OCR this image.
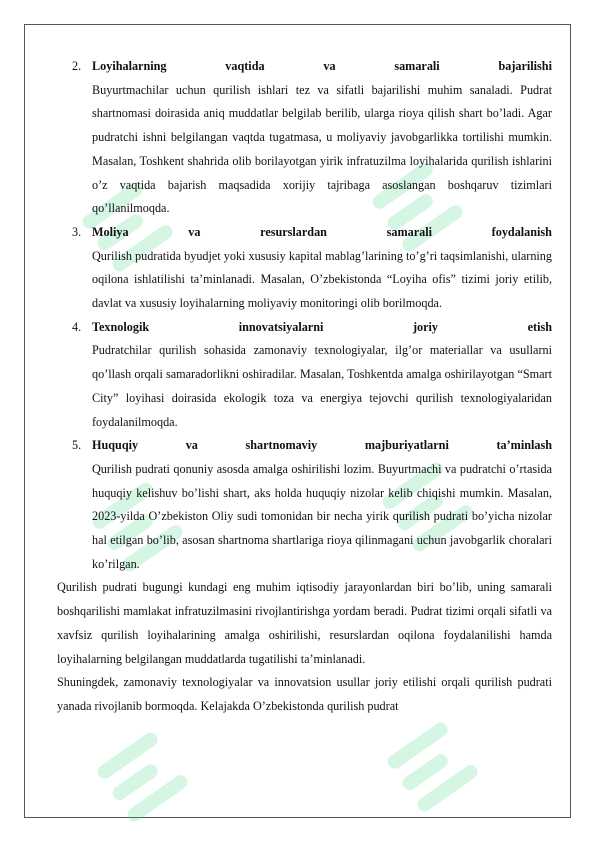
2. Loyihalarning	vaqtida	va	samarali	bajarilishi
Buyurtmachilar uchun qurilish ishlari tez va sifatli bajarilishi muhim sanaladi. Pudrat shartnomasi doirasida aniq muddatlar belgilab berilib, ularga rioya qilish shart bo’ladi. Agar pudratchi ishni belgilangan vaqtda tugatmasa, u moliyaviy javobgarlikka tortilishi mumkin. Masalan, Toshkent shahrida olib borilayotgan yirik infratuzilma loyihalarida qurilish ishlarini o’z vaqtida bajarish maqsadida xorijiy tajribaga asoslangan boshqaruv tizimlari qo’llanilmoqda.
3. Moliya	va	resurslardan	samarali	foydalanish
Qurilish pudratida byudjet yoki xususiy kapital mablag’larining to’g’ri taqsimlanishi, ularning oqilona ishlatilishi ta’minlanadi. Masalan, O’zbekistonda “Loyiha ofis” tizimi joriy etilib, davlat va xususiy loyihalarning moliyaviy monitoringi olib borilmoqda.
4. Texnologik	innovatsiyalarni	joriy	etish
Pudratchilar qurilish sohasida zamonaviy texnologiyalar, ilg’or materiallar va usullarni qo’llash orqali samaradorlikni oshiradilar. Masalan, Toshkentda amalga oshirilayotgan “Smart City” loyihasi doirasida ekologik toza va energiya tejovchi qurilish texnologiyalaridan foydalanilmoqda.
5. Huquqiy	va	shartnomaviy	majburiyatlarni	ta’minlash
Qurilish pudrati qonuniy asosda amalga oshirilishi lozim. Buyurtmachi va pudratchi o’rtasida huquqiy kelishuv bo’lishi shart, aks holda huquqiy nizolar kelib chiqishi mumkin. Masalan, 2023-yilda O’zbekiston Oliy sudi tomonidan bir necha yirik qurilish pudrati bo’yicha nizolar hal etilgan bo’lib, asosan shartnoma shartlariga rioya qilinmagani uchun javobgarlik choralari ko’rilgan.
Qurilish pudrati bugungi kundagi eng muhim iqtisodiy jarayonlardan biri bo’lib, uning samarali boshqarilishi mamlakat infratuzilmasini rivojlantirishga yordam beradi. Pudrat tizimi orqali sifatli va xavfsiz qurilish loyihalarining amalga oshirilishi, resurslardan oqilona foydalanilishi hamda loyihalarning belgilangan muddatlarda tugatilishi ta’minlanadi.
Shuningdek, zamonaviy texnologiyalar va innovatsion usullar joriy etilishi orqali qurilish pudrati yanada rivojlanib bormoqda. Kelajakda O’zbekistonda qurilish pudrat
